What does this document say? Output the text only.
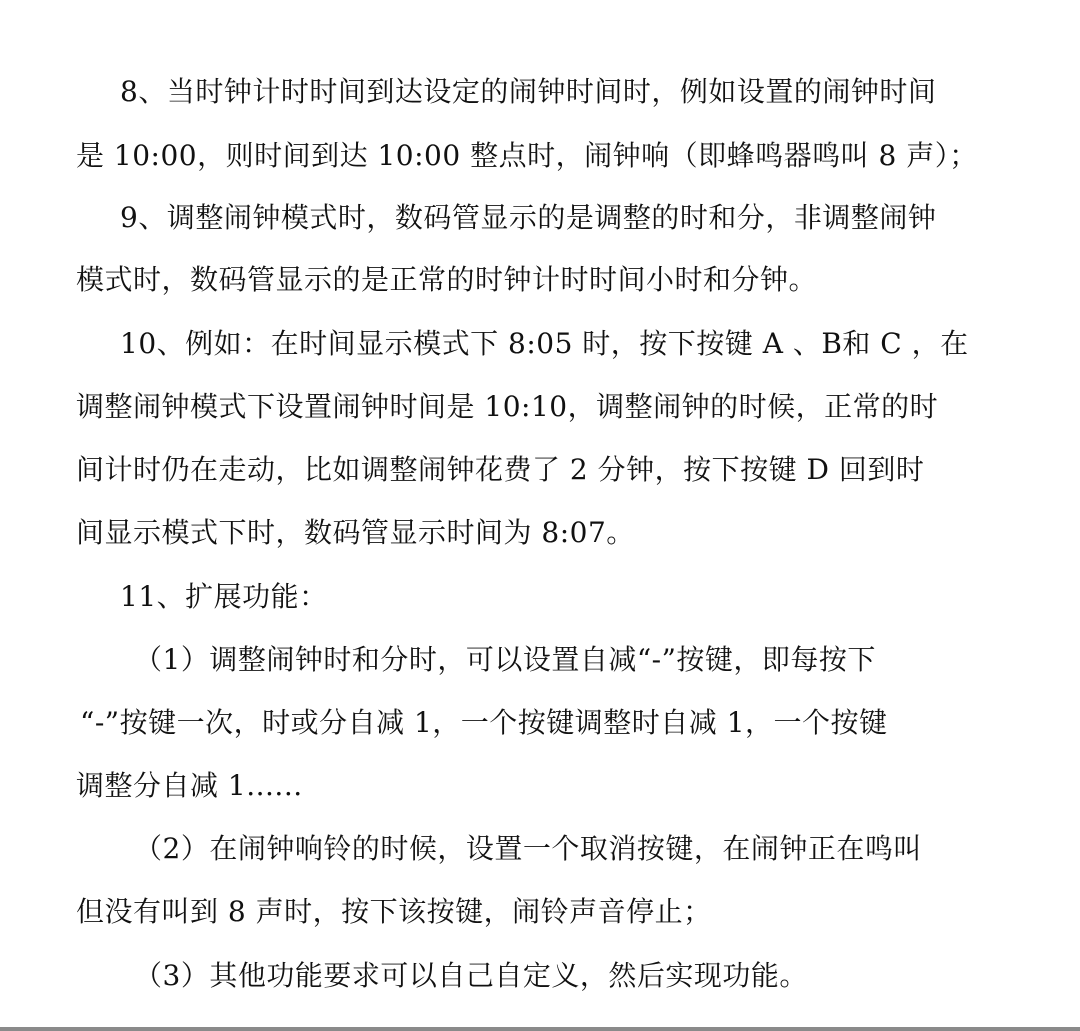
8、当时钟计时时间到达设定的闹钟时间时，例如设置的闹钟时间
是 10:00，则时间到达 10:00 整点时，闹钟响（即蜂鸣器鸣叫 8 声）；
9、调整闹钟模式时，数码管显示的是调整的时和分，非调整闹钟
模式时，数码管显示的是正常的时钟计时时间小时和分钟。
10、例如：在时间显示模式下 8:05 时，按下按键 A 、B和 C ，在
调整闹钟模式下设置闹钟时间是 10:10，调整闹钟的时候，正常的时
间计时仍在走动，比如调整闹钟花费了 2 分钟，按下按键 D 回到时
间显示模式下时，数码管显示时间为 8:07。
11、扩展功能：
（1）调整闹钟时和分时，可以设置自减“-”按键，即每按下
“-”按键一次，时或分自减 1，一个按键调整时自减 1，一个按键
调整分自减 1......
（2）在闹钟响铃的时候，设置一个取消按键，在闹钟正在鸣叫
但没有叫到 8 声时，按下该按键，闹铃声音停止；
（3）其他功能要求可以自己自定义，然后实现功能。
